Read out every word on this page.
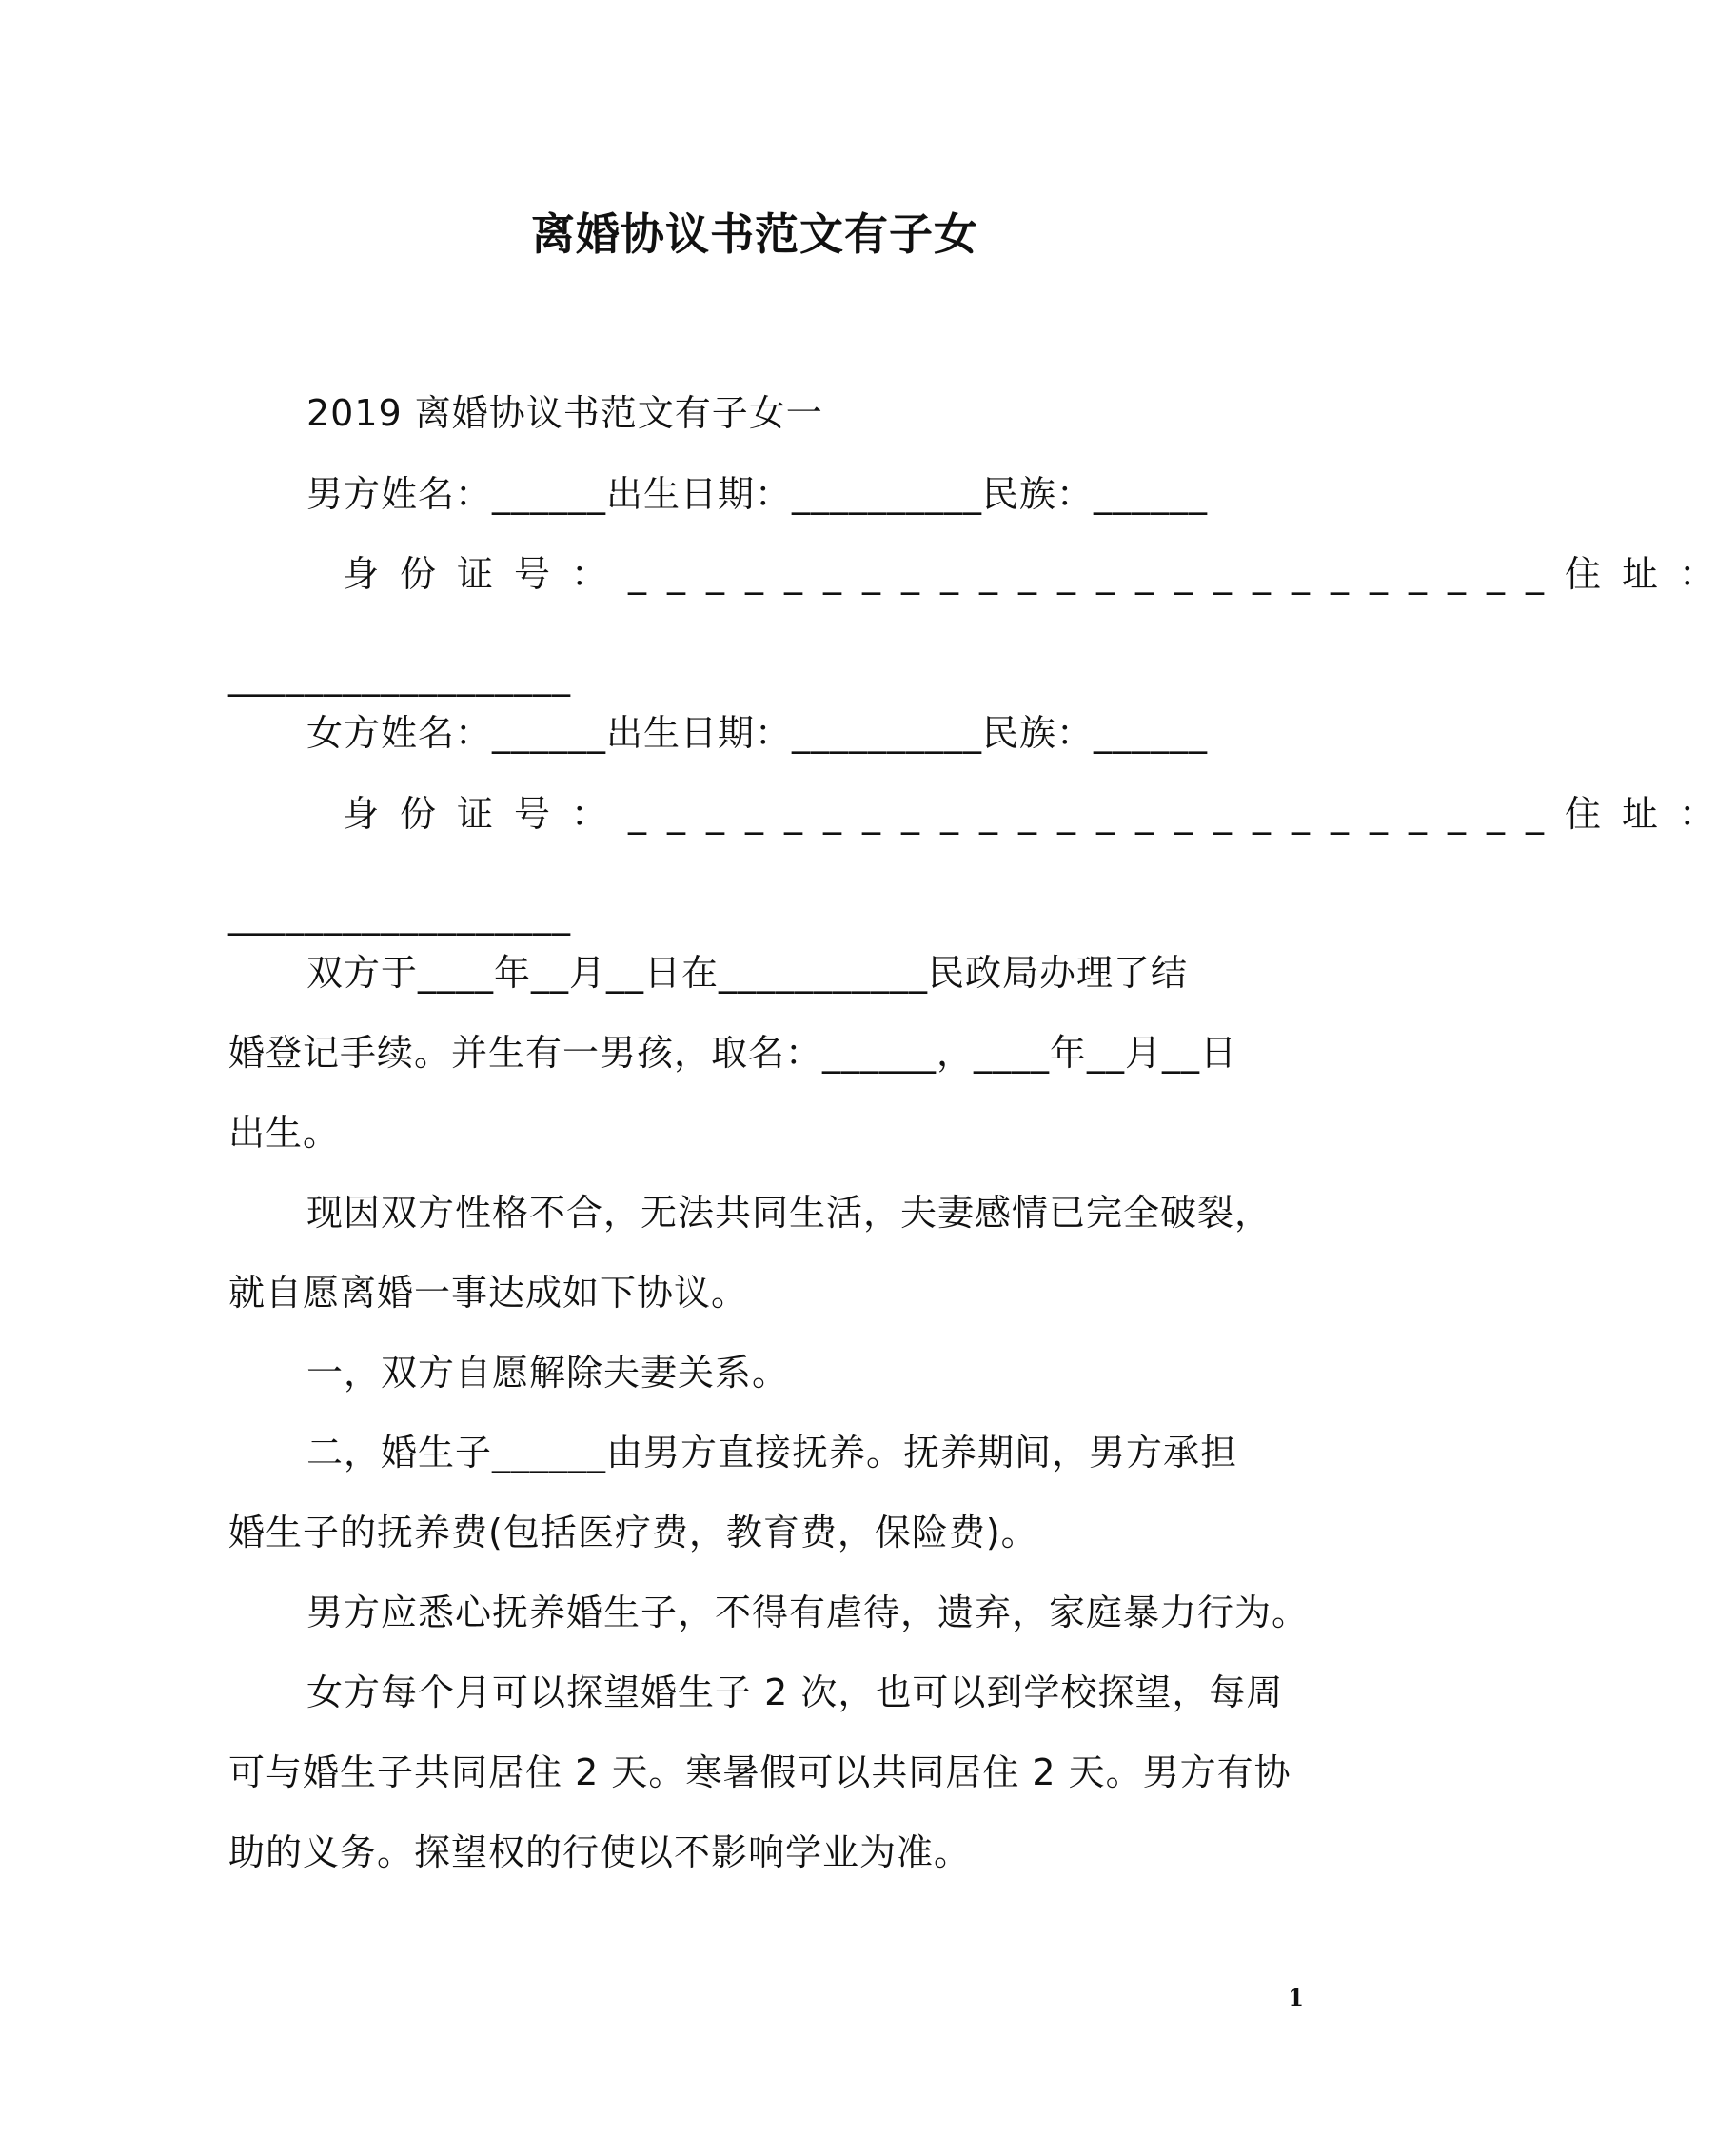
离婚协议书范文有子女
2019 离婚协议书范文有子女一
男方姓名：______出生日期：__________民族：______
身份证号：________________________住址：
__________________
女方姓名：______出生日期：__________民族：______
身份证号：________________________住址：
__________________
双方于____年__月__日在___________民政局办理了结
婚登记手续。并生有一男孩，取名：______，____年__月__日
出生。
现因双方性格不合，无法共同生活，夫妻感情已完全破裂，
就自愿离婚一事达成如下协议。
一，双方自愿解除夫妻关系。
二，婚生子______由男方直接抚养。抚养期间，男方承担
婚生子的抚养费(包括医疗费，教育费，保险费)。
男方应悉心抚养婚生子，不得有虐待，遗弃，家庭暴力行为。
女方每个月可以探望婚生子 2 次，也可以到学校探望，每周
可与婚生子共同居住 2 天。寒暑假可以共同居住 2 天。男方有协
助的义务。探望权的行使以不影响学业为准。
1
